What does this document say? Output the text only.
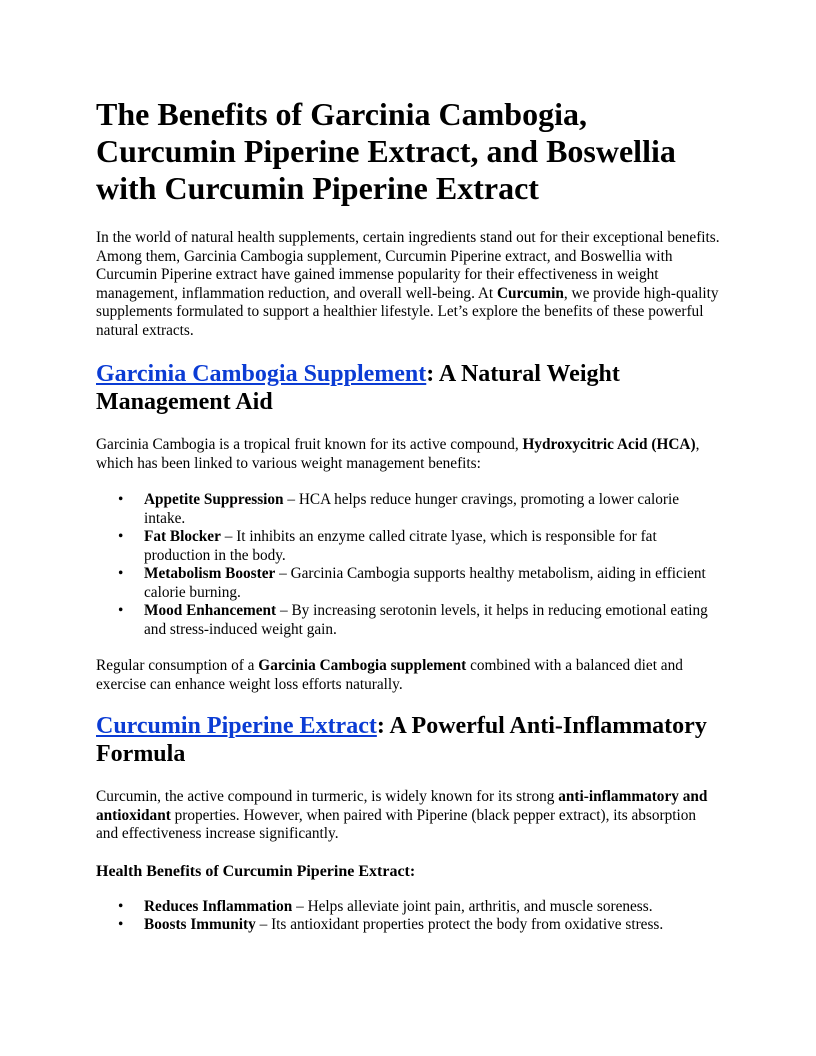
The Benefits of Garcinia Cambogia, Curcumin Piperine Extract, and Boswellia with Curcumin Piperine Extract

In the world of natural health supplements, certain ingredients stand out for their exceptional benefits. Among them, Garcinia Cambogia supplement, Curcumin Piperine extract, and Boswellia with Curcumin Piperine extract have gained immense popularity for their effectiveness in weight management, inflammation reduction, and overall well-being. At Curcumin, we provide high-quality supplements formulated to support a healthier lifestyle. Let’s explore the benefits of these powerful natural extracts.

Garcinia Cambogia Supplement: A Natural Weight Management Aid

Garcinia Cambogia is a tropical fruit known for its active compound, Hydroxycitric Acid (HCA), which has been linked to various weight management benefits:

• Appetite Suppression – HCA helps reduce hunger cravings, promoting a lower calorie intake.
• Fat Blocker – It inhibits an enzyme called citrate lyase, which is responsible for fat production in the body.
• Metabolism Booster – Garcinia Cambogia supports healthy metabolism, aiding in efficient calorie burning.
• Mood Enhancement – By increasing serotonin levels, it helps in reducing emotional eating and stress-induced weight gain.

Regular consumption of a Garcinia Cambogia supplement combined with a balanced diet and exercise can enhance weight loss efforts naturally.

Curcumin Piperine Extract: A Powerful Anti-Inflammatory Formula

Curcumin, the active compound in turmeric, is widely known for its strong anti-inflammatory and antioxidant properties. However, when paired with Piperine (black pepper extract), its absorption and effectiveness increase significantly.

Health Benefits of Curcumin Piperine Extract:
• Reduces Inflammation – Helps alleviate joint pain, arthritis, and muscle soreness.
• Boosts Immunity – Its antioxidant properties protect the body from oxidative stress.
